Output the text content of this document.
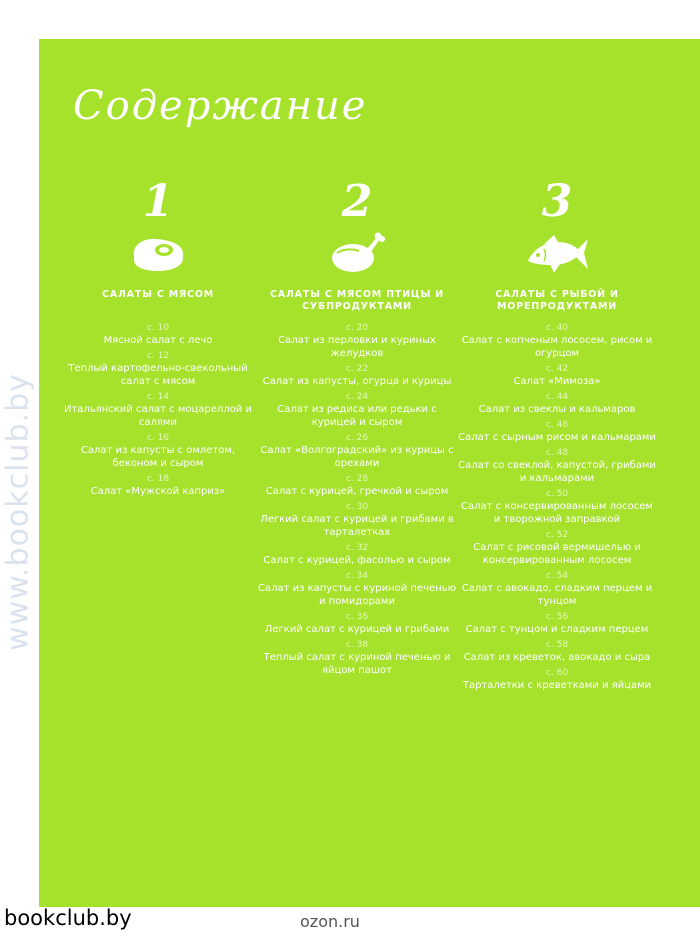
Содержание
1
САЛАТЫ С МЯСОМ
с. 10
Мясной салат с лечо
с. 12
Теплый картофельно-свекольный салат с мясом
с. 14
Итальянский салат с моцареллой и салями
с. 16
Салат из капусты с омлетом, беконом и сыром
с. 18
Салат «Мужской каприз»
2
САЛАТЫ С МЯСОМ ПТИЦЫ И СУБПРОДУКТАМИ
с. 20
Салат из перловки и куриных желудков
с. 22
Салат из капусты, огурца и курицы
с. 24
Салат из редиса или редьки с курицей и сыром
с. 26
Салат «Волгоградский» из курицы с орехами
с. 28
Салат с курицей, гречкой и сыром
с. 30
Легкий салат с курицей и грибами в тарталетках
с. 32
Салат с курицей, фасолью и сыром
с. 34
Салат из капусты с куриной печенью и помидорами
с. 36
Легкий салат с курицей и грибами
с. 38
Теплый салат с куриной печенью и яйцом пашот
3
САЛАТЫ С РЫБОЙ И МОРЕПРОДУКТАМИ
с. 40
Салат с копченым лососем, рисом и огурцом
с. 42
Салат «Мимоза»
с. 44
Салат из свеклы и кальмаров
с. 46
Салат с сырным рисом и кальмарами
с. 48
Салат со свеклой, капустой, грибами и кальмарами
с. 50
Салат с консервированным лососем и творожной заправкой
с. 52
Салат с рисовой вермишелью и консервированным лососем
с. 54
Салат с авокадо, сладким перцем и тунцом
с. 56
Салат с тунцом и сладким перцем
с. 58
Салат из креветок, авокадо и сыра
с. 60
Тарталетки с креветками и яйцами
www.bookclub.by
bookclub.by	ozon.ru
